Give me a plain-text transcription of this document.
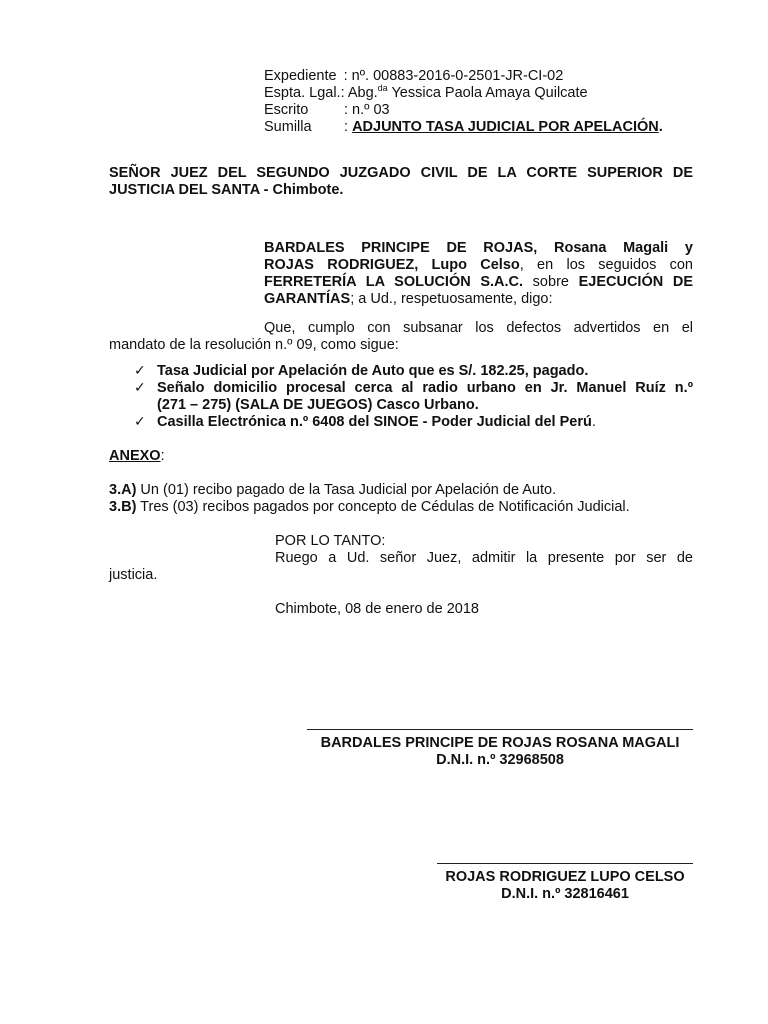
Expediente : nº. 00883-2016-0-2501-JR-CI-02
Espta. Lgal.: Abg.$^{da}$ Yessica Paola Amaya Quilcate
Escrito : n.º 03
Sumilla : ADJUNTO TASA JUDICIAL POR APELACIÓN.
SEÑOR JUEZ DEL SEGUNDO JUZGADO CIVIL DE LA CORTE SUPERIOR DE
JUSTICIA DEL SANTA - Chimbote.
BARDALES PRINCIPE DE ROJAS, Rosana Magali y
ROJAS RODRIGUEZ, Lupo Celso, en los seguidos con
FERRETERÍA LA SOLUCIÓN S.A.C. sobre EJECUCIÓN DE
GARANTÍAS; a Ud., respetuosamente, digo:
Que, cumplo con subsanar los defectos advertidos en el
mandato de la resolución n.º 09, como sigue:
✓ Tasa Judicial por Apelación de Auto que es S/. 182.25, pagado.
✓ Señalo domicilio procesal cerca al radio urbano en Jr. Manuel Ruíz n.º
(271 – 275) (SALA DE JUEGOS) Casco Urbano.
✓ Casilla Electrónica n.º 6408 del SINOE - Poder Judicial del Perú.
ANEXO:
3.A) Un (01) recibo pagado de la Tasa Judicial por Apelación de Auto.
3.B) Tres (03) recibos pagados por concepto de Cédulas de Notificación Judicial.
POR LO TANTO:
Ruego a Ud. señor Juez, admitir la presente por ser de
justicia.
Chimbote, 08 de enero de 2018
BARDALES PRINCIPE DE ROJAS ROSANA MAGALI
D.N.I. n.º 32968508
ROJAS RODRIGUEZ LUPO CELSO
D.N.I. n.º 32816461
